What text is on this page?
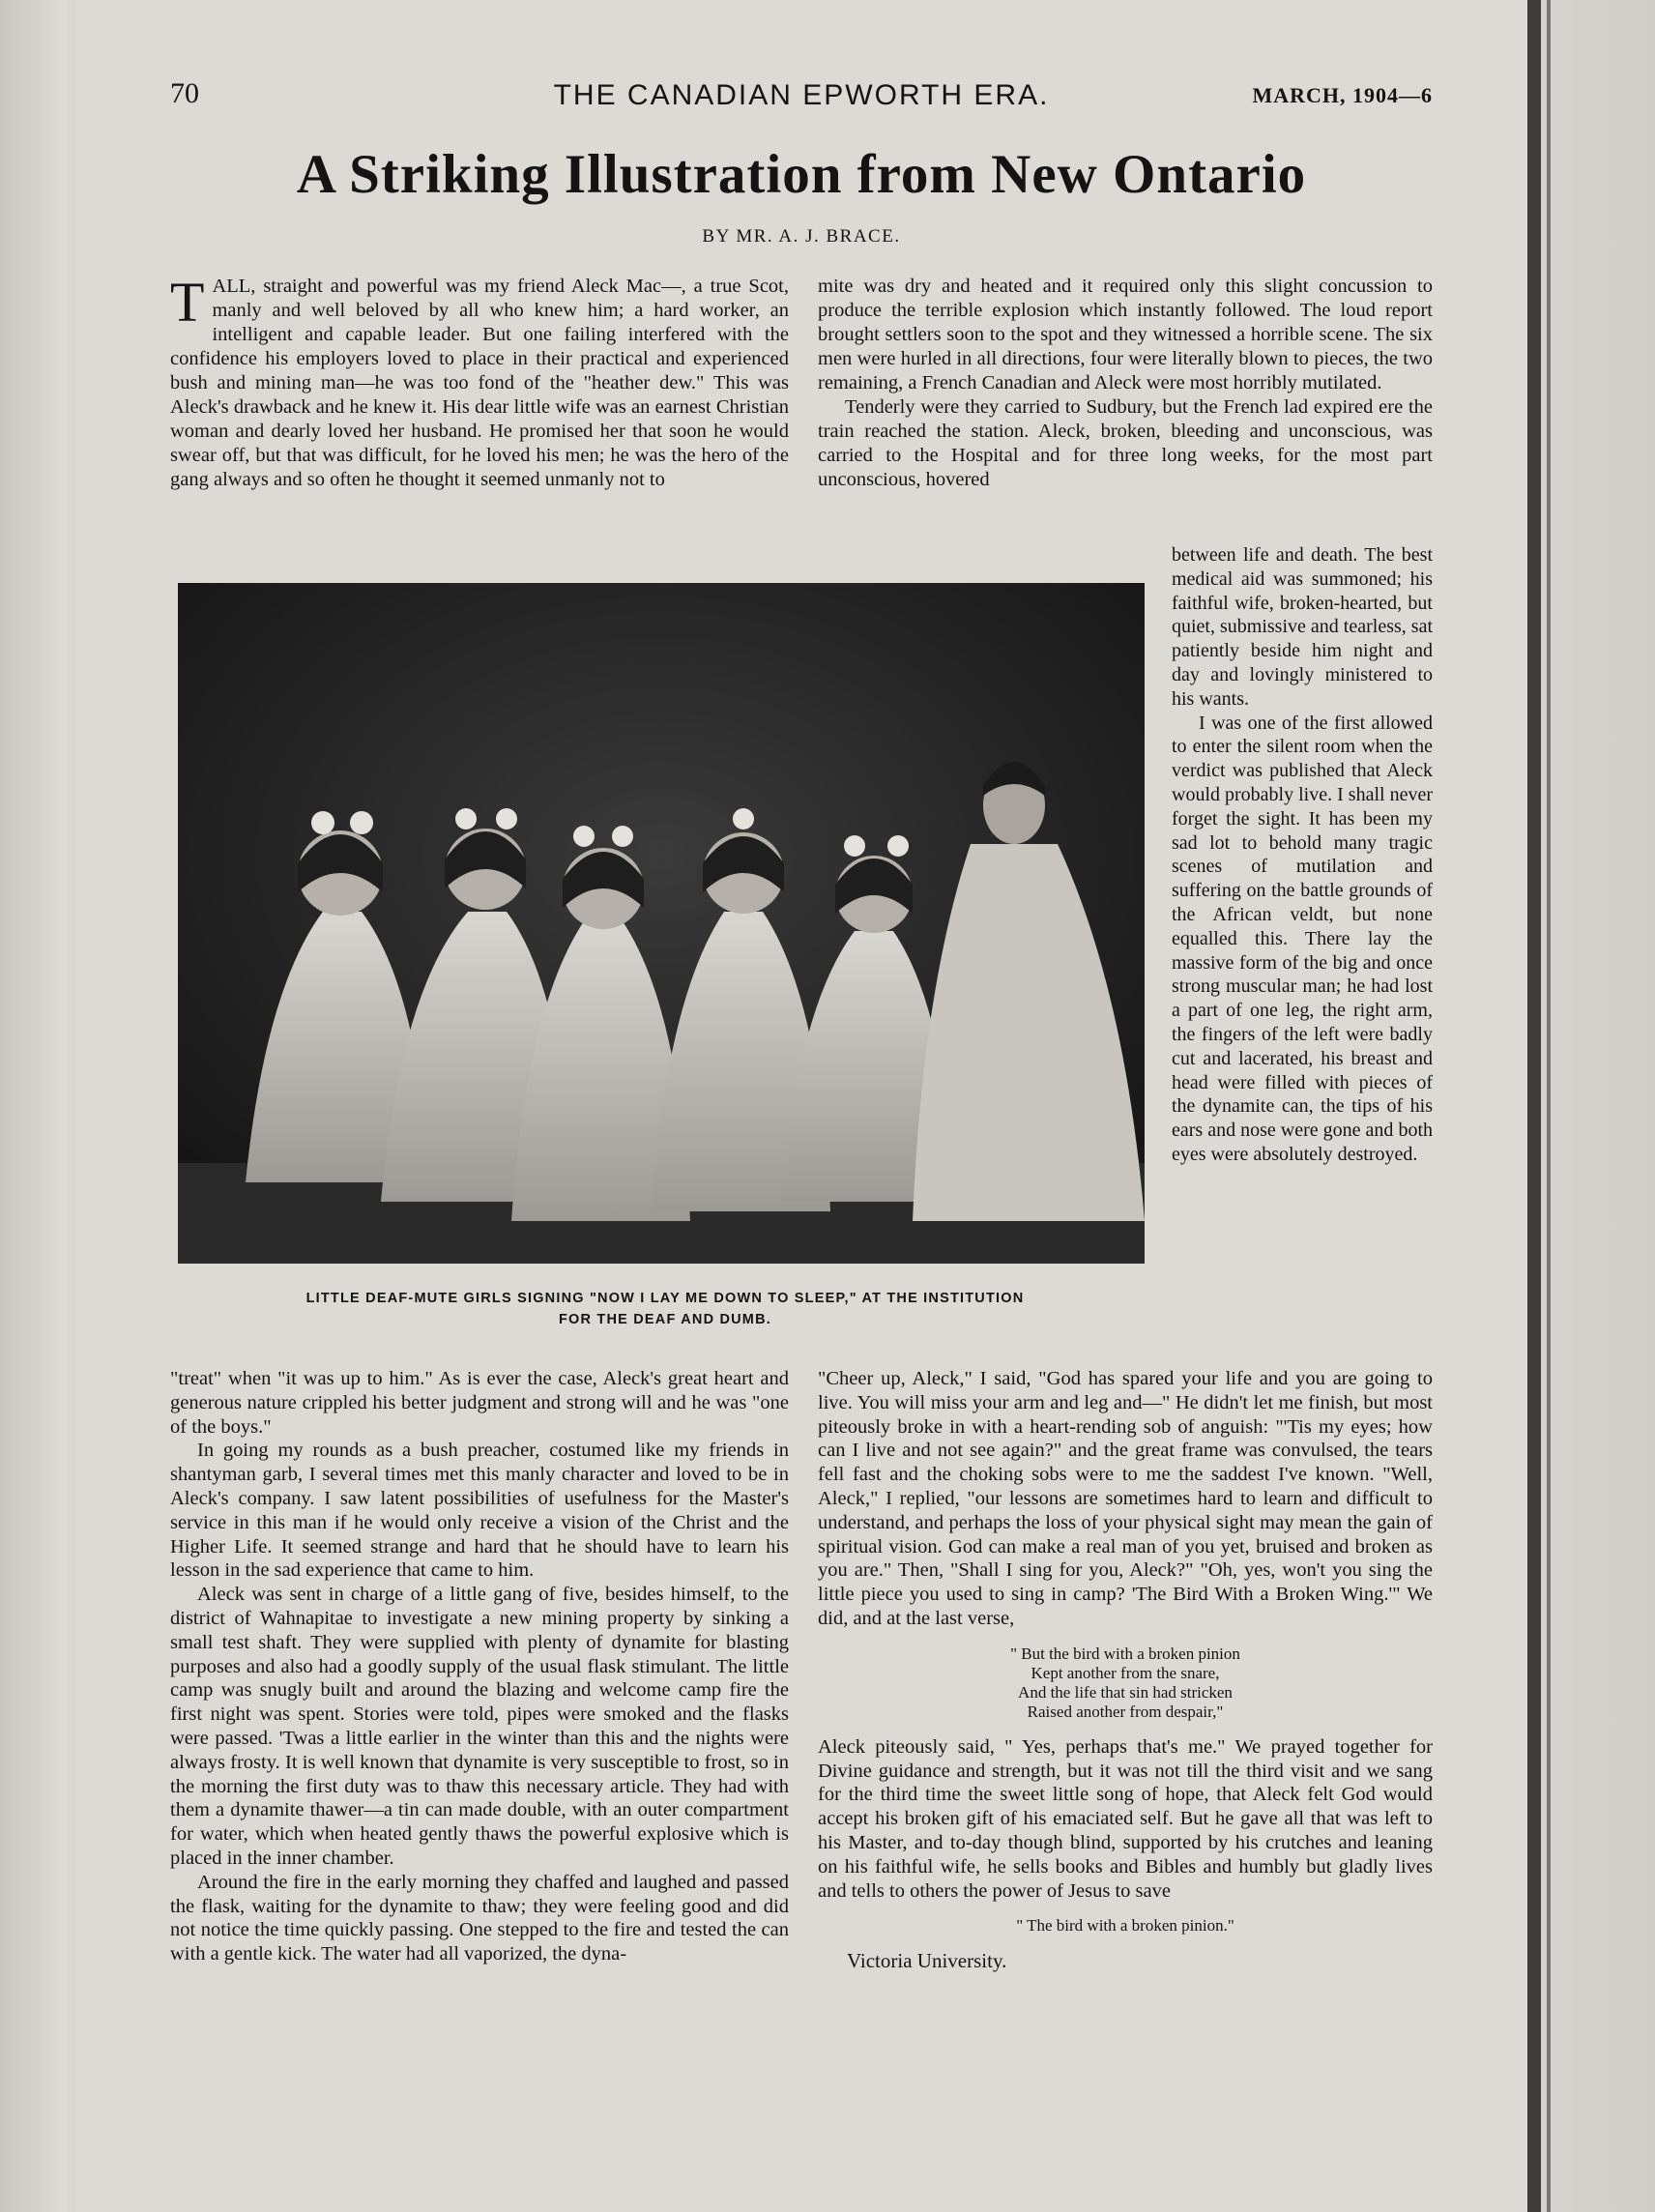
70	THE CANADIAN EPWORTH ERA.	MARCH, 1904—6
A Striking Illustration from New Ontario
BY MR. A. J. BRACE.

TALL, straight and powerful was my friend Aleck Mac—, a true Scot, manly and well beloved by all who knew him; a hard worker, an intelligent and capable leader. But one failing interfered with the confidence his employers loved to place in their practical and experienced bush and mining man—he was too fond of the "heather dew." This was Aleck's drawback and he knew it. His dear little wife was an earnest Christian woman and dearly loved her husband. He promised her that soon he would swear off, but that was difficult, for he loved his men; he was the hero of the gang always and so often he thought it seemed unmanly not to

mite was dry and heated and it required only this slight concussion to produce the terrible explosion which instantly followed. The loud report brought settlers soon to the spot and they witnessed a horrible scene. The six men were hurled in all directions, four were literally blown to pieces, the two remaining, a French Canadian and Aleck were most horribly mutilated.

Tenderly were they carried to Sudbury, but the French lad expired ere the train reached the station. Aleck, broken, bleeding and unconscious, was carried to the Hospital and for three long weeks, for the most part unconscious, hovered

LITTLE DEAF-MUTE GIRLS SIGNING "NOW I LAY ME DOWN TO SLEEP," AT THE INSTITUTION
FOR THE DEAF AND DUMB.

between life and death. The best medical aid was summoned; his faithful wife, broken-hearted, but quiet, submissive and tearless, sat patiently beside him night and day and lovingly ministered to his wants.

I was one of the first allowed to enter the silent room when the verdict was published that Aleck would probably live. I shall never forget the sight. It has been my sad lot to behold many tragic scenes of mutilation and suffering on the battle grounds of the African veldt, but none equalled this. There lay the massive form of the big and once strong muscular man; he had lost a part of one leg, the right arm, the fingers of the left were badly cut and lacerated, his breast and head were filled with pieces of the dynamite can, the tips of his ears and nose were gone and both eyes were absolutely destroyed.

"treat" when "it was up to him." As is ever the case, Aleck's great heart and generous nature crippled his better judgment and strong will and he was "one of the boys."

In going my rounds as a bush preacher, costumed like my friends in shantyman garb, I several times met this manly character and loved to be in Aleck's company. I saw latent possibilities of usefulness for the Master's service in this man if he would only receive a vision of the Christ and the Higher Life. It seemed strange and hard that he should have to learn his lesson in the sad experience that came to him.

Aleck was sent in charge of a little gang of five, besides himself, to the district of Wahnapitae to investigate a new mining property by sinking a small test shaft. They were supplied with plenty of dynamite for blasting purposes and also had a goodly supply of the usual flask stimulant. The little camp was snugly built and around the blazing and welcome camp fire the first night was spent. Stories were told, pipes were smoked and the flasks were passed. 'Twas a little earlier in the winter than this and the nights were always frosty. It is well known that dynamite is very susceptible to frost, so in the morning the first duty was to thaw this necessary article. They had with them a dynamite thawer—a tin can made double, with an outer compartment for water, which when heated gently thaws the powerful explosive which is placed in the inner chamber.

Around the fire in the early morning they chaffed and laughed and passed the flask, waiting for the dynamite to thaw; they were feeling good and did not notice the time quickly passing. One stepped to the fire and tested the can with a gentle kick. The water had all vaporized, the dyna-

"Cheer up, Aleck," I said, "God has spared your life and you are going to live. You will miss your arm and leg and—" He didn't let me finish, but most piteously broke in with a heart-rending sob of anguish: "'Tis my eyes; how can I live and not see again?" and the great frame was convulsed, the tears fell fast and the choking sobs were to me the saddest I've known. "Well, Aleck," I replied, "our lessons are sometimes hard to learn and difficult to understand, and perhaps the loss of your physical sight may mean the gain of spiritual vision. God can make a real man of you yet, bruised and broken as you are." Then, "Shall I sing for you, Aleck?" "Oh, yes, won't you sing the little piece you used to sing in camp? 'The Bird With a Broken Wing.'" We did, and at the last verse,

" But the bird with a broken pinion
Kept another from the snare,
And the life that sin had stricken
Raised another from despair,"

Aleck piteously said, " Yes, perhaps that's me." We prayed together for Divine guidance and strength, but it was not till the third visit and we sang for the third time the sweet little song of hope, that Aleck felt God would accept his broken gift of his emaciated self. But he gave all that was left to his Master, and to-day though blind, supported by his crutches and leaning on his faithful wife, he sells books and Bibles and humbly but gladly lives and tells to others the power of Jesus to save

" The bird with a broken pinion."
Victoria University.
